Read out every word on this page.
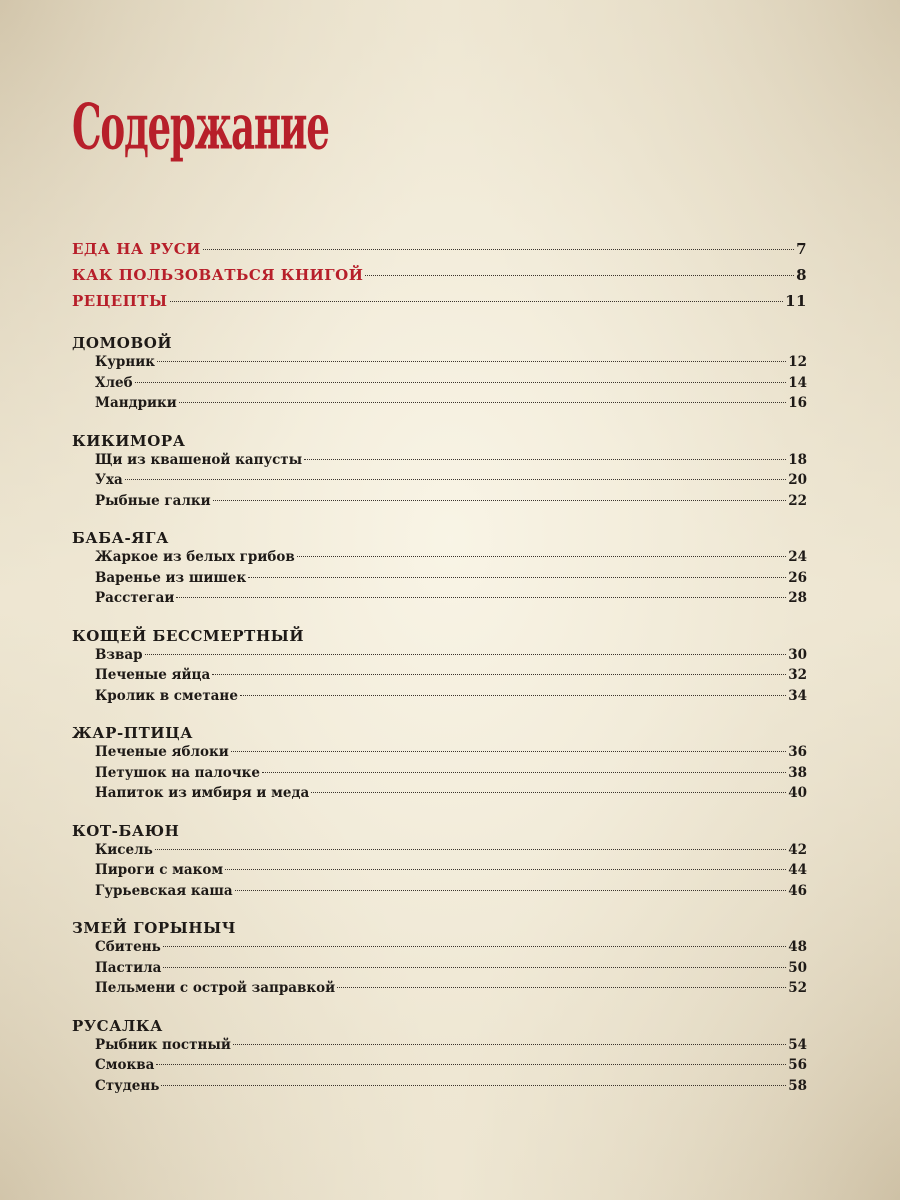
Содержание
ЕДА НА РУСИ	7
КАК ПОЛЬЗОВАТЬСЯ КНИГОЙ	8
РЕЦЕПТЫ	11
ДОМОВОЙ
Курник	12
Хлеб	14
Мандрики	16
КИКИМОРА
Щи из квашеной капусты	18
Уха	20
Рыбные галки	22
БАБА-ЯГА
Жаркое из белых грибов	24
Варенье из шишек	26
Расстегаи	28
КОЩЕЙ БЕССМЕРТНЫЙ
Взвар	30
Печеные яйца	32
Кролик в сметане	34
ЖАР-ПТИЦА
Печеные яблоки	36
Петушок на палочке	38
Напиток из имбиря и меда	40
КОТ-БАЮН
Кисель	42
Пироги с маком	44
Гурьевская каша	46
ЗМЕЙ ГОРЫНЫЧ
Сбитень	48
Пастила	50
Пельмени с острой заправкой	52
РУСАЛКА
Рыбник постный	54
Смоква	56
Студень	58
